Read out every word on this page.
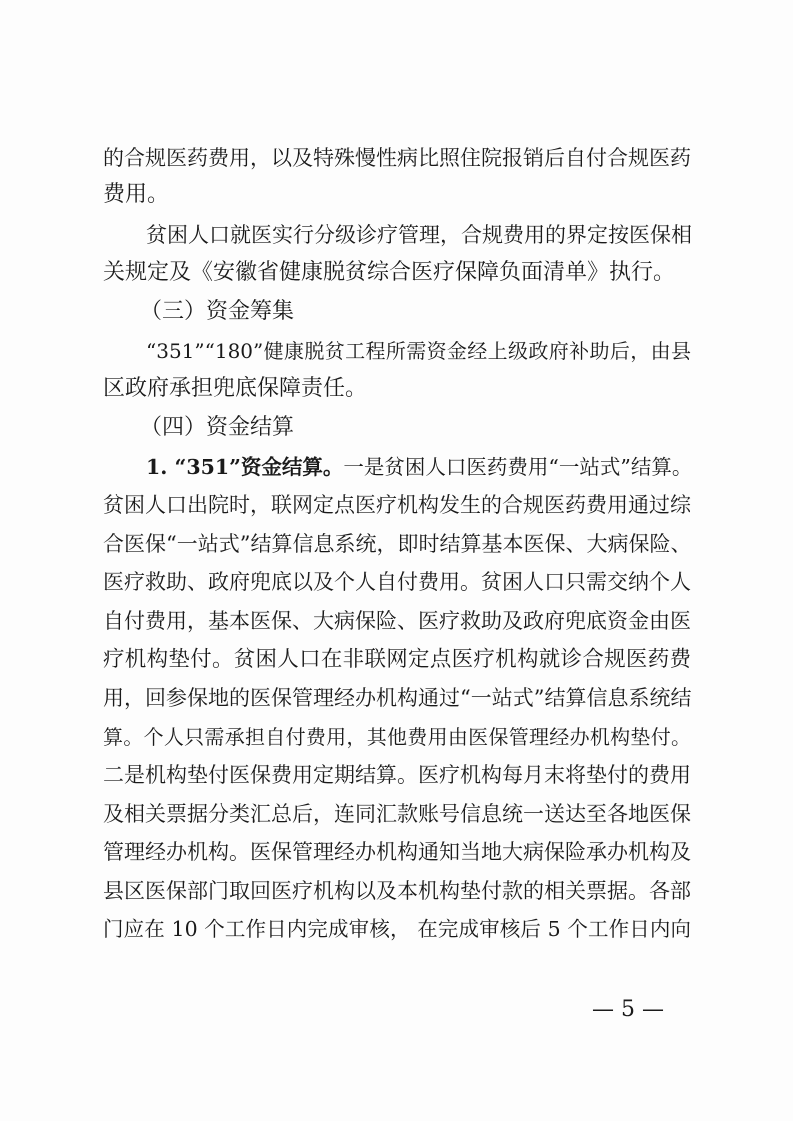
的合规医药费用，以及特殊慢性病比照住院报销后自付合规医药
费用。
贫困人口就医实行分级诊疗管理，合规费用的界定按医保相
关规定及《安徽省健康脱贫综合医疗保障负面清单》执行。
（三）资金筹集
“351”“180”健康脱贫工程所需资金经上级政府补助后，由县
区政府承担兜底保障责任。
（四）资金结算
1. “351”资金结算。一是贫困人口医药费用“一站式”结算。
贫困人口出院时，联网定点医疗机构发生的合规医药费用通过综
合医保“一站式”结算信息系统，即时结算基本医保、大病保险、
医疗救助、政府兜底以及个人自付费用。贫困人口只需交纳个人
自付费用，基本医保、大病保险、医疗救助及政府兜底资金由医
疗机构垫付。贫困人口在非联网定点医疗机构就诊合规医药费
用，回参保地的医保管理经办机构通过“一站式”结算信息系统结
算。个人只需承担自付费用，其他费用由医保管理经办机构垫付。
二是机构垫付医保费用定期结算。医疗机构每月末将垫付的费用
及相关票据分类汇总后，连同汇款账号信息统一送达至各地医保
管理经办机构。医保管理经办机构通知当地大病保险承办机构及
县区医保部门取回医疗机构以及本机构垫付款的相关票据。各部
门应在 10 个工作日内完成审核， 在完成审核后 5 个工作日内向
— 5 —
